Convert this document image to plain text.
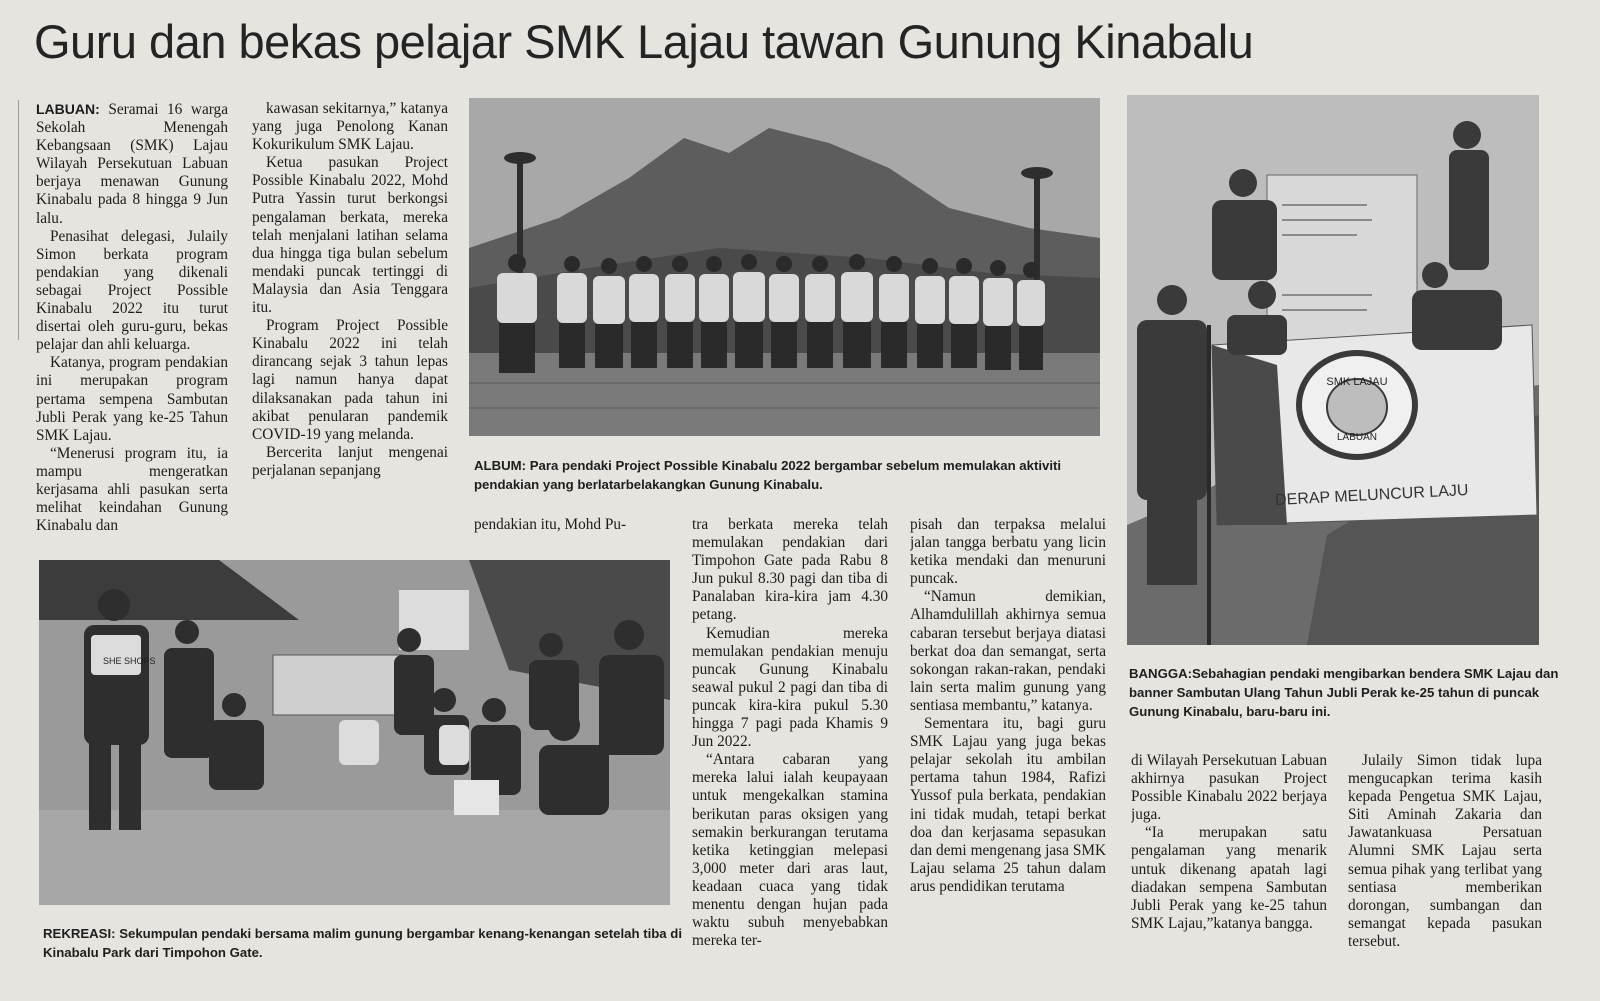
Guru dan bekas pelajar SMK Lajau tawan Gunung Kinabalu

LABUAN: Seramai 16 warga Sekolah Menengah Kebangsaan (SMK) Lajau Wilayah Persekutuan Labuan berjaya menawan Gunung Kinabalu pada 8 hingga 9 Jun lalu.

Penasihat delegasi, Julaily Simon berkata program pendakian yang dikenali sebagai Project Possible Kinabalu 2022 itu turut disertai oleh guru-guru, bekas pelajar dan ahli keluarga.

Katanya, program pendakian ini merupakan program pertama sempena Sambutan Jubli Perak yang ke-25 Tahun SMK Lajau.

“Menerusi program itu, ia mampu mengeratkan kerjasama ahli pasukan serta melihat keindahan Gunung Kinabalu dan

kawasan sekitarnya,” katanya yang juga Penolong Kanan Kokurikulum SMK Lajau.

Ketua pasukan Project Possible Kinabalu 2022, Mohd Putra Yassin turut berkongsi pengalaman berkata, mereka telah menjalani latihan selama dua hingga tiga bulan sebelum mendaki puncak tertinggi di Malaysia dan Asia Tenggara itu.

Program Project Possible Kinabalu 2022 ini telah dirancang sejak 3 tahun lepas lagi namun hanya dapat dilaksanakan pada tahun ini akibat penularan pandemik COVID-19 yang melanda.

Bercerita lanjut mengenai perjalanan sepanjang	ALBUM: Para pendaki Project Possible Kinabalu 2022 bergambar sebelum memulakan aktiviti pendakian yang berlatarbelakangkan Gunung Kinabalu.
SMK LAJAU
LABUAN
DERAP MELUNCUR LAJU
BANGGA:Sebahagian pendaki mengibarkan bendera SMK Lajau dan banner Sambutan Ulang Tahun Jubli Perak ke-25 tahun di puncak Gunung Kinabalu, baru-baru ini.
SHE SHOPS
REKREASI: Sekumpulan pendaki bersama malim gunung bergambar kenang-kenangan setelah tiba di Kinabalu Park dari Timpohon Gate.

pendakian itu, Mohd Pu-	tra berkata mereka telah memulakan pendakian dari Timpohon Gate pada Rabu 8 Jun pukul 8.30 pagi dan tiba di Panalaban kira-kira jam 4.30 petang.

Kemudian mereka memulakan pendakian menuju puncak Gunung Kinabalu seawal pukul 2 pagi dan tiba di puncak kira-kira pukul 5.30 hingga 7 pagi pada Khamis 9 Jun 2022.

“Antara cabaran yang mereka lalui ialah keupayaan untuk mengekalkan stamina berikutan paras oksigen yang semakin berkurangan terutama ketika ketinggian melepasi 3,000 meter dari aras laut, keadaan cuaca yang tidak menentu dengan hujan pada waktu subuh menyebabkan mereka ter-

pisah dan terpaksa melalui jalan tangga berbatu yang licin ketika mendaki dan menuruni puncak.

“Namun demikian, Alhamdulillah akhirnya semua cabaran tersebut berjaya diatasi berkat doa dan semangat, serta sokongan rakan-rakan, pendaki lain serta malim gunung yang sentiasa membantu,” katanya.

Sementara itu, bagi guru SMK Lajau yang juga bekas pelajar sekolah itu ambilan pertama tahun 1984, Rafizi Yussof pula berkata, pendakian ini tidak mudah, tetapi berkat doa dan kerjasama sepasukan dan demi mengenang jasa SMK Lajau selama 25 tahun dalam arus pendidikan terutama

di Wilayah Persekutuan Labuan akhirnya pasukan Project Possible Kinabalu 2022 berjaya juga.

“Ia merupakan satu pengalaman yang menarik untuk dikenang apatah lagi diadakan sempena Sambutan Jubli Perak yang ke-25 tahun SMK Lajau,”katanya bangga.

Julaily Simon tidak lupa mengucapkan terima kasih kepada Pengetua SMK Lajau, Siti Aminah Zakaria dan Jawatankuasa Persatuan Alumni SMK Lajau serta semua pihak yang terlibat yang sentiasa memberikan dorongan, sumbangan dan semangat kepada pasukan tersebut.
